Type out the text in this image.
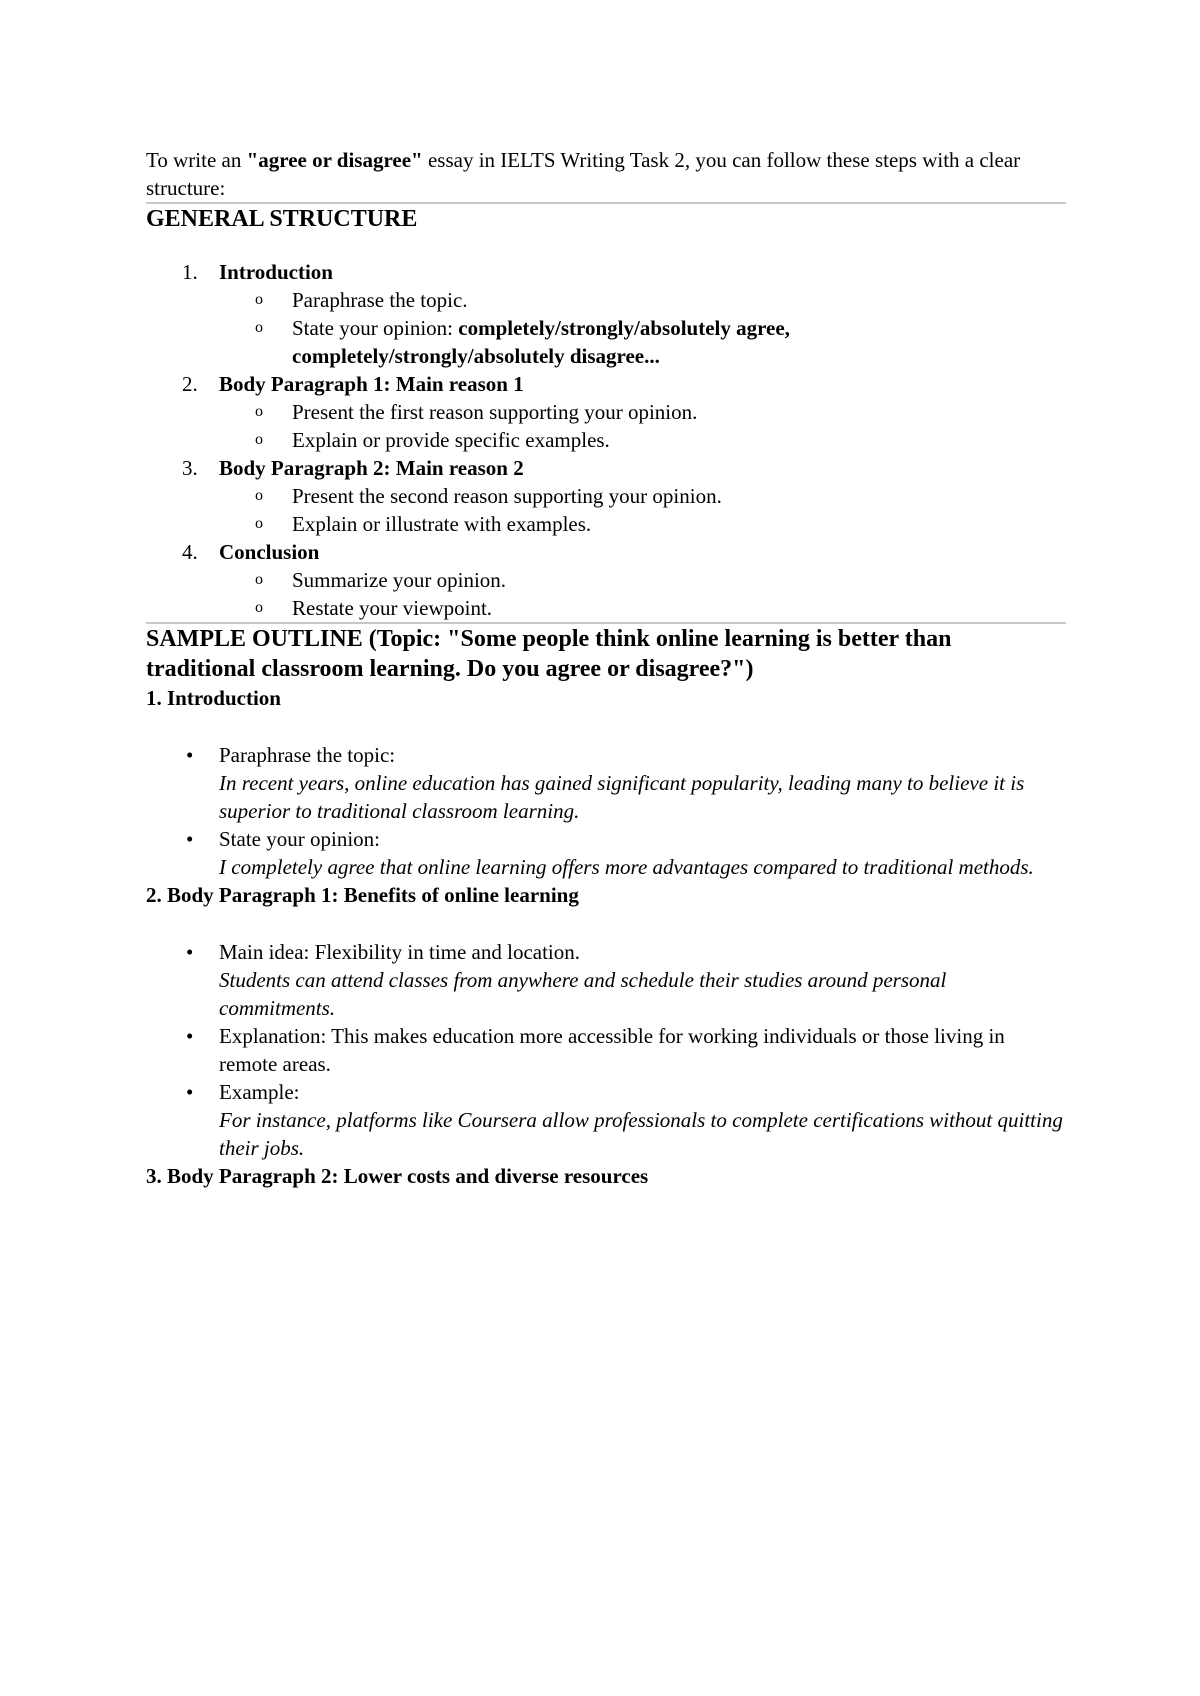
To write an "agree or disagree" essay in IELTS Writing Task 2, you can follow these steps with a clear structure:

GENERAL STRUCTURE
1. Introduction
o Paraphrase the topic.
o State your opinion: completely/strongly/absolutely agree, completely/strongly/absolutely disagree...
2. Body Paragraph 1: Main reason 1
o Present the first reason supporting your opinion.
o Explain or provide specific examples.
3. Body Paragraph 2: Main reason 2
o Present the second reason supporting your opinion.
o Explain or illustrate with examples.
4. Conclusion
o Summarize your opinion.
o Restate your viewpoint.
SAMPLE OUTLINE (Topic: "Some people think online learning is better than traditional classroom learning. Do you agree or disagree?")
1. Introduction
• Paraphrase the topic:
In recent years, online education has gained significant popularity, leading many to believe it is superior to traditional classroom learning.
• State your opinion:
I completely agree that online learning offers more advantages compared to traditional methods.
2. Body Paragraph 1: Benefits of online learning
• Main idea: Flexibility in time and location.
Students can attend classes from anywhere and schedule their studies around personal commitments.
• Explanation: This makes education more accessible for working individuals or those living in remote areas.
• Example:
For instance, platforms like Coursera allow professionals to complete certifications without quitting their jobs.
3. Body Paragraph 2: Lower costs and diverse resources
